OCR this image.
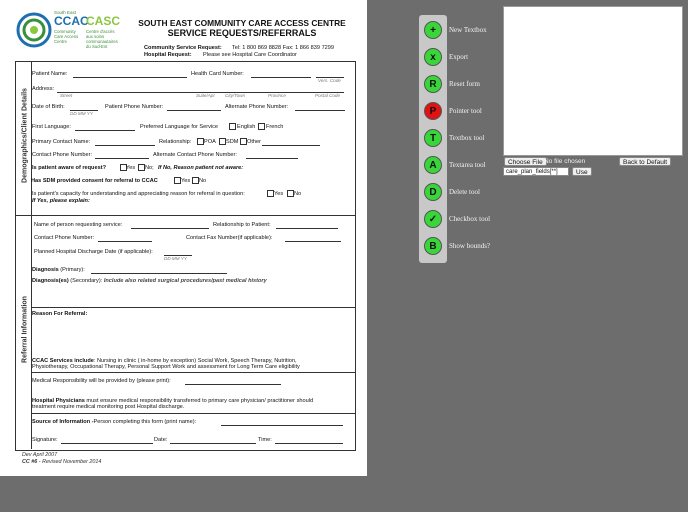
South East
CCAC
CASC
Community Care Access Centre
Centre d'accès aux soins communautaires du Sud-Est
SOUTH EAST COMMUNITY CARE ACCESS CENTRE
SERVICE REQUESTS/REFERRALS
Community Service Request: Tel: 1 800 869 8828 Fax: 1 866 839 7299
Hospital Request: Please see Hospital Care Coordinator
Demographics/Client Details
Referral Information
Patient Name:	Health Card Number:
Vers. Code
Address:
Street	Suite/Apt City/Town	Province	Postal Code
Date of Birth:
DD MM YY
Patient Phone Number:	Alternate Phone Number:
First Language:	Preferred Language for Service	English French
Primary Contact Name:	Relationship: POA SDM Other
Contact Phone Number:	Alternate Contact Phone Number:
Is patient aware of request?	Yes No; If No, Reason patient not aware:
Has SDM provided consent for referral to CCAC	Yes No
Is patient's capacity for understanding and appreciating reason for referral in question:	Yes No
If Yes, please explain:
Name of person requesting service:	Relationship to Patient:
Contact Phone Number:	Contact Fax Number(if applicable):
Planned Hospital Discharge Date (if applicable):
DD MM YY
Diagnosis (Primary):
Diagnosis(es) (Secondary): Include also related surgical procedures/past medical history
Reason For Referral:
CCAC Services include: Nursing in clinic ( in-home by exception) Social Work, Speech Therapy, Nutrition,
Physiotherapy, Occupational Therapy, Personal Support Work and assessment for Long Term Care eligibility
Medical Responsibility will be provided by (please print):
Hospital Physicians must ensure medical responsibility transferred to primary care physician/ practitioner should
treatment require medical monitoring post Hospital discharge.
Source of Information -Person completing this form (print name):
Signature:	Date:	Time:
Dev April 2007
CC #6 - Revised November 2014
+	New Textbox
x	Export
R	Reset form
P	Pointer tool
T	Textbox tool
A	Textarea tool
D	Delete tool
✓	Checkbox tool
B	Show bounds?
Choose File No file chosen	Back to Default
care_plan_fields[**]	Use
